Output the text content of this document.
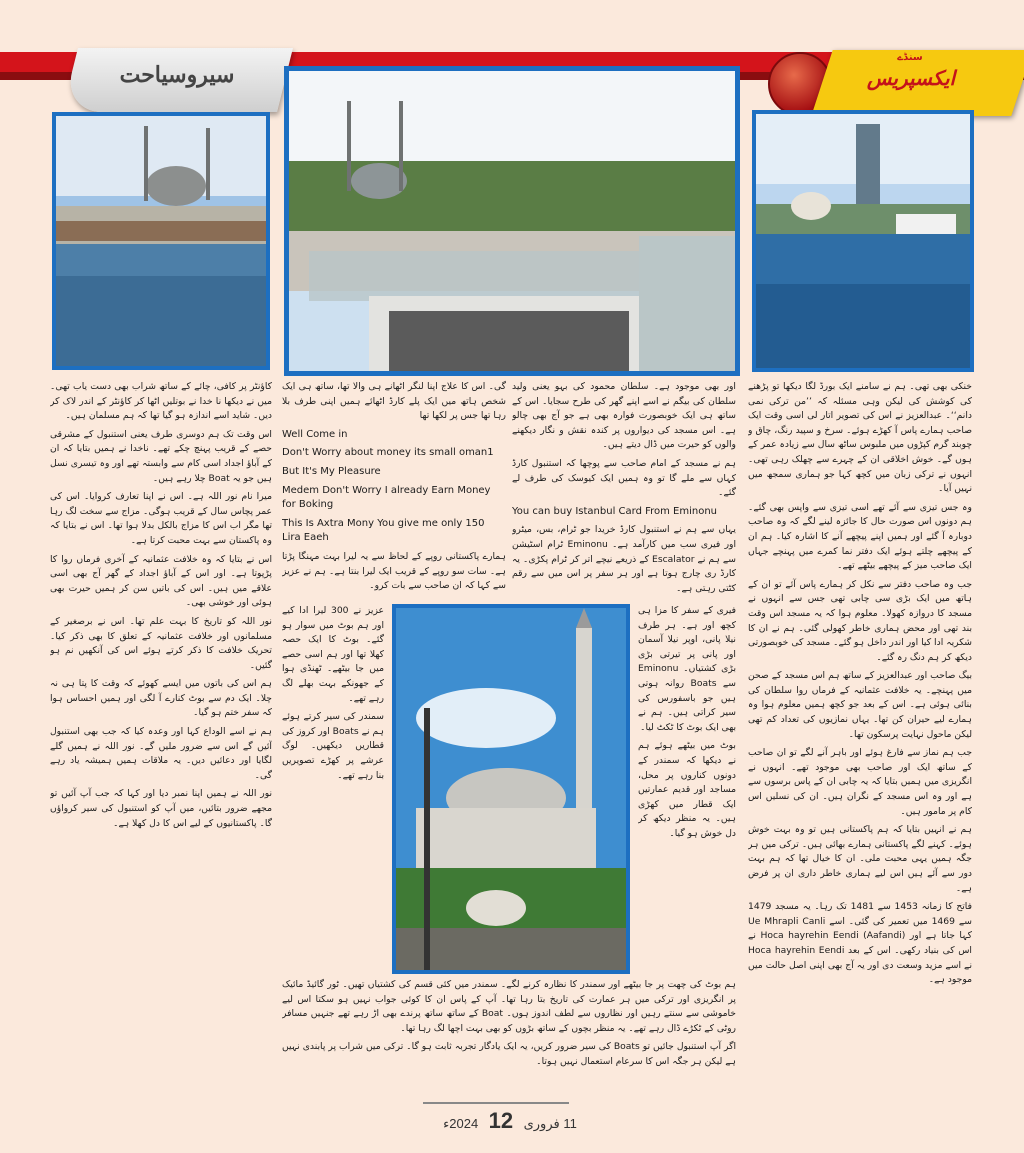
سیروسیاحت
سنڈے
ایکسپریس

خنکی بھی تھی۔ ہم نے سامنے ایک بورڈ لگا دیکھا تو پڑھنے کی کوشش کی لیکن وہی مسئلہ کہ ’’من ترکی نمی دانم‘‘۔ عبدالعزیز نے اس کی تصویر اتار لی اسی وقت ایک صاحب ہمارے پاس آ کھڑے ہوئے۔ سرخ و سپید رنگ، چاق و چوبند گرم کپڑوں میں ملبوس ساٹھ سال سے زیادہ عمر کے ہوں گے۔ خوش اخلاقی ان کے چہرے سے چھلک رہی تھی۔ انہوں نے ترکی زبان میں کچھ کہا جو ہماری سمجھ میں نہیں آیا۔

وہ جس تیزی سے آئے تھے اسی تیزی سے واپس بھی گئے۔ ہم دونوں اس صورت حال کا جائزہ لینے لگے کہ وہ صاحب دوبارہ آ گئے اور ہمیں اپنے پیچھے آنے کا اشارہ کیا۔ ہم ان کے پیچھے چلتے ہوئے ایک دفتر نما کمرے میں پہنچے جہاں ایک صاحب میز کے پیچھے بیٹھے تھے۔

جب وہ صاحب دفتر سے نکل کر ہمارے پاس آئے تو ان کے ہاتھ میں ایک بڑی سی چابی تھی جس سے انہوں نے مسجد کا دروازہ کھولا۔ معلوم ہوا کہ یہ مسجد اس وقت بند تھی اور محض ہماری خاطر کھولی گئی۔ ہم نے ان کا شکریہ ادا کیا اور اندر داخل ہو گئے۔ مسجد کی خوبصورتی دیکھ کر ہم دنگ رہ گئے۔

بیگ صاحب اور عبدالعزیز کے ساتھ ہم اس مسجد کے صحن میں پہنچے۔ یہ خلافت عثمانیہ کے فرماں روا سلطان کی بنائی ہوئی ہے۔ اس کے بعد جو کچھ ہمیں معلوم ہوا وہ ہمارے لیے حیران کن تھا۔ یہاں نمازیوں کی تعداد کم تھی لیکن ماحول نہایت پرسکون تھا۔

جب ہم نماز سے فارغ ہوئے اور باہر آنے لگے تو ان صاحب کے ساتھ ایک اور صاحب بھی موجود تھے۔ انہوں نے انگریزی میں ہمیں بتایا کہ یہ چابی ان کے پاس برسوں سے ہے اور وہ اس مسجد کے نگران ہیں۔ ان کی نسلیں اس کام پر مامور ہیں۔

ہم نے انہیں بتایا کہ ہم پاکستانی ہیں تو وہ بہت خوش ہوئے۔ کہنے لگے پاکستانی ہمارے بھائی ہیں۔ ترکی میں ہر جگہ ہمیں یہی محبت ملی۔ ان کا خیال تھا کہ ہم بہت دور سے آئے ہیں اس لیے ہماری خاطر داری ان پر فرض ہے۔

فاتح کا زمانہ 1453 سے 1481 تک رہا۔ یہ مسجد 1479 سے 1469 میں تعمیر کی گئی۔ اسے Ue Mhrapli Canli کہا جاتا ہے اور Hoca hayrehin Eendi (Aafandi) نے اس کی بنیاد رکھی۔ اس کے بعد Hoca hayrehin Eendi نے اسے مزید وسعت دی اور یہ آج بھی اپنی اصل حالت میں موجود ہے۔

اور بھی موجود ہے۔ سلطان محمود کی بہو یعنی ولید سلطان کی بیگم نے اسے اپنے گھر کی طرح سجایا۔ اس کے ساتھ ہی ایک خوبصورت فوارہ بھی ہے جو آج بھی چالو ہے۔ اس مسجد کی دیواروں پر کندہ نقش و نگار دیکھنے والوں کو حیرت میں ڈال دیتے ہیں۔

ہم نے مسجد کے امام صاحب سے پوچھا کہ استنبول کارڈ کہاں سے ملے گا تو وہ ہمیں ایک کیوسک کی طرف لے گئے۔

You can buy Istanbul Card From Eminonu

یہاں سے ہم نے استنبول کارڈ خریدا جو ٹرام، بس، میٹرو اور فیری سب میں کارآمد ہے۔ Eminonu ٹرام اسٹیشن سے ہم نے Escalator کے ذریعے نیچے اتر کر ٹرام پکڑی۔ یہ کارڈ ری چارج ہوتا ہے اور ہر سفر پر اس میں سے رقم کٹتی رہتی ہے۔

فیری کے سفر کا مزا ہی کچھ اور ہے۔ ہر طرف نیلا پانی، اوپر نیلا آسمان اور پانی پر تیرتی بڑی بڑی کشتیاں۔ Eminonu سے Boats روانہ ہوتی ہیں جو باسفورس کی سیر کراتی ہیں۔ ہم نے بھی ایک بوٹ کا ٹکٹ لیا۔

بوٹ میں بیٹھے ہوئے ہم نے دیکھا کہ سمندر کے دونوں کناروں پر محل، مساجد اور قدیم عمارتیں ایک قطار میں کھڑی ہیں۔ یہ منظر دیکھ کر دل خوش ہو گیا۔

گی۔ اس کا علاج اپنا لنگر اٹھانے ہی والا تھا، ساتھ ہی ایک شخص ہاتھ میں ایک پلے کارڈ اٹھائے ہمیں اپنی طرف بلا رہا تھا جس پر لکھا تھا

Well Come in

Don't Worry about money its small oman1

But It's My Pleasure

Medem Don't Worry I already Earn Money for Boking

This Is Axtra Mony You give me only 150 Lira Eaeh

ہمارے پاکستانی روپے کے لحاظ سے یہ لیرا بہت مہنگا پڑتا ہے۔ سات سو روپے کے قریب ایک لیرا بنتا ہے۔ ہم نے عزیز سے کہا کہ ان صاحب سے بات کرو۔

عزیز نے 300 لیرا ادا کیے اور ہم بوٹ میں سوار ہو گئے۔ بوٹ کا ایک حصہ کھلا تھا اور ہم اسی حصے میں جا بیٹھے۔ ٹھنڈی ہوا کے جھونکے بہت بھلے لگ رہے تھے۔

سمندر کی سیر کرتے ہوئے ہم نے Boats اور کروز کی قطاریں دیکھیں۔ لوگ عرشے پر کھڑے تصویریں بنا رہے تھے۔

ہم بوٹ کی چھت پر جا بیٹھے اور سمندر کا نظارہ کرنے لگے۔ سمندر میں کئی قسم کی کشتیاں تھیں۔ ٹور گائیڈ مائیک پر انگریزی اور ترکی میں ہر عمارت کی تاریخ بتا رہا تھا۔ آپ کے پاس ان کا کوئی جواب نہیں ہو سکتا اس لیے خاموشی سے سنتے رہیں اور نظاروں سے لطف اندوز ہوں۔ Boat کے ساتھ ساتھ پرندے بھی اڑ رہے تھے جنہیں مسافر روٹی کے ٹکڑے ڈال رہے تھے۔ یہ منظر بچوں کے ساتھ بڑوں کو بھی بہت اچھا لگ رہا تھا۔

اگر آپ استنبول جائیں تو Boats کی سیر ضرور کریں، یہ ایک یادگار تجربہ ثابت ہو گا۔ ترکی میں شراب پر پابندی نہیں ہے لیکن ہر جگہ اس کا سرعام استعمال نہیں ہوتا۔

کاؤنٹر پر کافی، چائے کے ساتھ شراب بھی دست یاب تھی۔ میں نے دیکھا نا خدا نے بوتلیں اٹھا کر کاؤنٹر کے اندر لاک کر دیں۔ شاید اسے اندازہ ہو گیا تھا کہ ہم مسلمان ہیں۔

اس وقت تک ہم دوسری طرف یعنی استنبول کے مشرقی حصے کے قریب پہنچ چکے تھے۔ ناخدا نے ہمیں بتایا کہ ان کے آباؤ اجداد اسی کام سے وابستہ تھے اور وہ تیسری نسل ہیں جو یہ Boat چلا رہے ہیں۔

میرا نام نور اللہ ہے۔ اس نے اپنا تعارف کروایا۔ اس کی عمر پچاس سال کے قریب ہوگی۔ مزاج سے سخت لگ رہا تھا مگر اب اس کا مزاج بالکل بدلا ہوا تھا۔ اس نے بتایا کہ وہ پاکستان سے بہت محبت کرتا ہے۔

اس نے بتایا کہ وہ خلافت عثمانیہ کے آخری فرماں روا کا پڑپوتا ہے۔ اور اس کے آباؤ اجداد کے گھر آج بھی اسی علاقے میں ہیں۔ اس کی باتیں سن کر ہمیں حیرت بھی ہوئی اور خوشی بھی۔

نور اللہ کو تاریخ کا بہت علم تھا۔ اس نے برصغیر کے مسلمانوں اور خلافت عثمانیہ کے تعلق کا بھی ذکر کیا۔ تحریک خلافت کا ذکر کرتے ہوئے اس کی آنکھیں نم ہو گئیں۔

ہم اس کی باتوں میں ایسے کھوئے کہ وقت کا پتا ہی نہ چلا۔ ایک دم سے بوٹ کنارے آ لگی اور ہمیں احساس ہوا کہ سفر ختم ہو گیا۔

ہم نے اسے الوداع کہا اور وعدہ کیا کہ جب بھی استنبول آئیں گے اس سے ضرور ملیں گے۔ نور اللہ نے ہمیں گلے لگایا اور دعائیں دیں۔ یہ ملاقات ہمیں ہمیشہ یاد رہے گی۔

نور اللہ نے ہمیں اپنا نمبر دیا اور کہا کہ جب آپ آئیں تو مجھے ضرور بتائیں، میں آپ کو استنبول کی سیر کرواؤں گا۔ پاکستانیوں کے لیے اس کا دل کھلا ہے۔

11 فروری 12 2024ء
